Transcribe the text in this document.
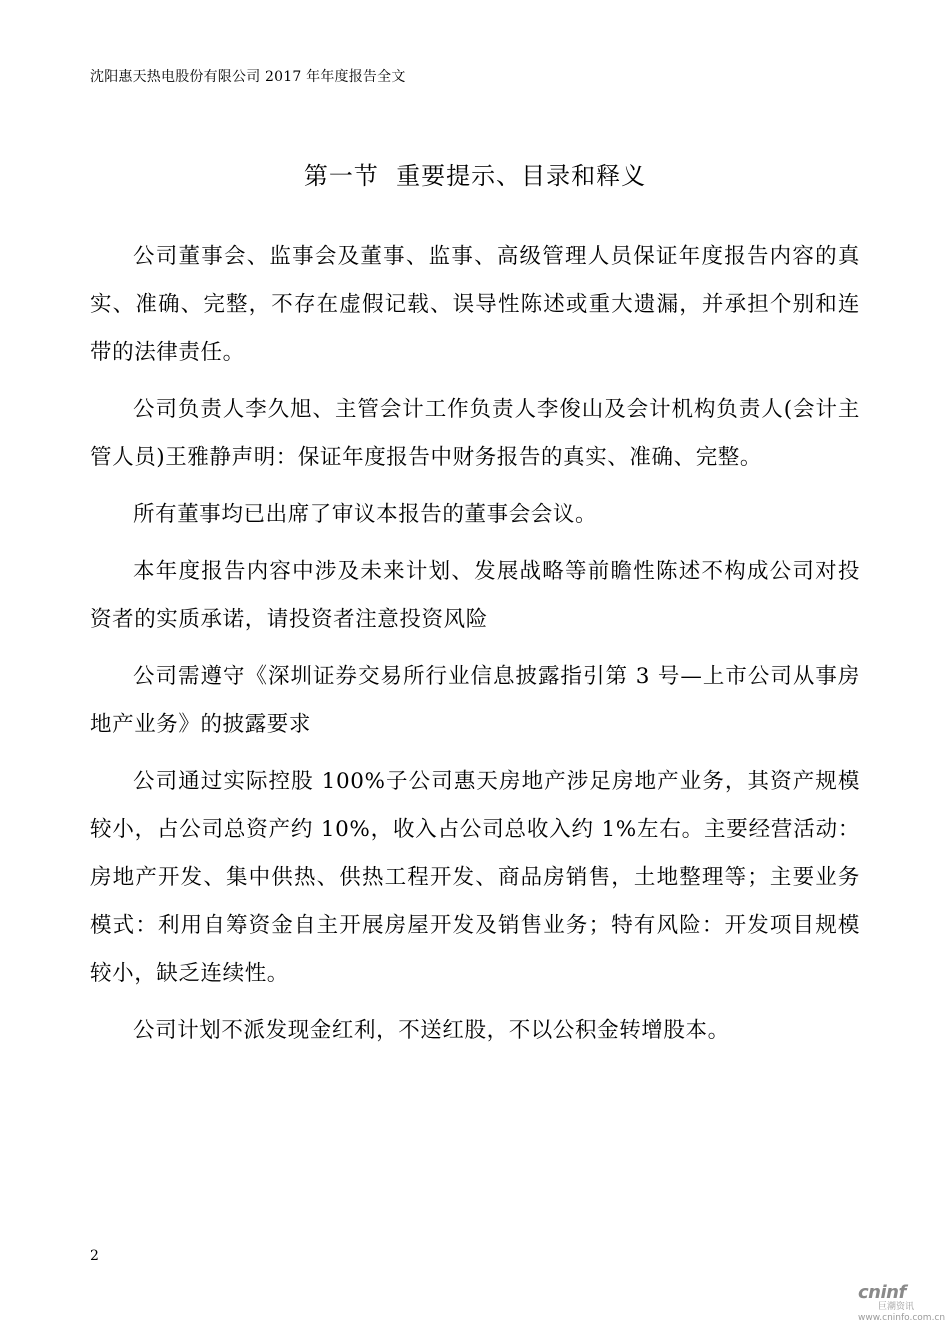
沈阳惠天热电股份有限公司 2017 年年度报告全文
第一节  重要提示、目录和释义

公司董事会、监事会及董事、监事、高级管理人员保证年度报告内容的真实、准确、完整，不存在虚假记载、误导性陈述或重大遗漏，并承担个别和连带的法律责任。

公司负责人李久旭、主管会计工作负责人李俊山及会计机构负责人(会计主管人员)王雅静声明：保证年度报告中财务报告的真实、准确、完整。

所有董事均已出席了审议本报告的董事会会议。

本年度报告内容中涉及未来计划、发展战略等前瞻性陈述不构成公司对投资者的实质承诺，请投资者注意投资风险

公司需遵守《深圳证券交易所行业信息披露指引第 3 号—上市公司从事房地产业务》的披露要求

公司通过实际控股 100%子公司惠天房地产涉足房地产业务，其资产规模较小，占公司总资产约 10%，收入占公司总收入约 1%左右。主要经营活动：房地产开发、集中供热、供热工程开发、商品房销售，土地整理等；主要业务模式：利用自筹资金自主开展房屋开发及销售业务；特有风险：开发项目规模较小，缺乏连续性。

公司计划不派发现金红利，不送红股，不以公积金转增股本。

2
cninf
巨潮资讯
www.cninfo.com.cn
